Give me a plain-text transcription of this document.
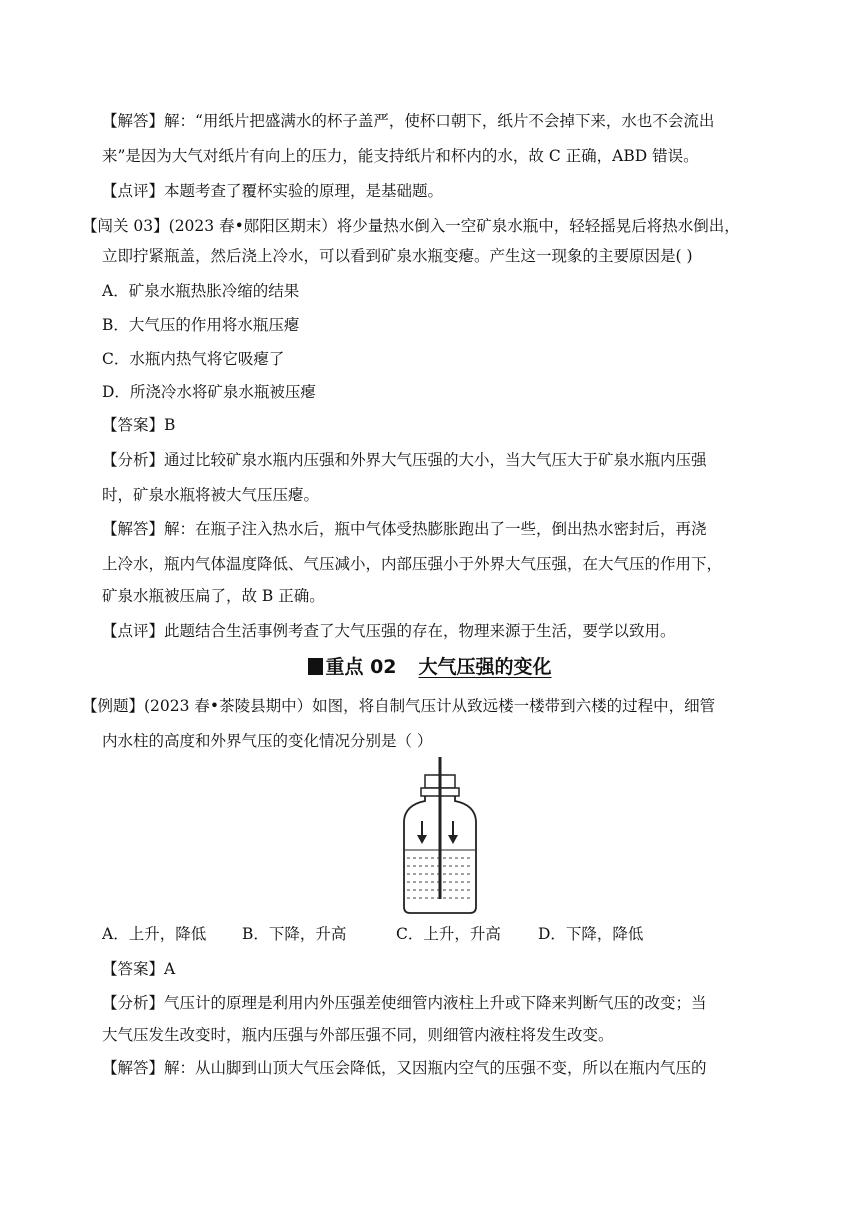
【解答】解：“用纸片把盛满水的杯子盖严，使杯口朝下，纸片不会掉下来，水也不会流出
来”是因为大气对纸片有向上的压力，能支持纸片和杯内的水，故 C 正确，ABD 错误。
【点评】本题考查了覆杯实验的原理，是基础题。
【闯关 03】(2023 春•郧阳区期末）将少量热水倒入一空矿泉水瓶中，轻轻摇晃后将热水倒出，
立即拧紧瓶盖，然后浇上冷水，可以看到矿泉水瓶变瘪。产生这一现象的主要原因是( )
A．矿泉水瓶热胀冷缩的结果
B．大气压的作用将水瓶压瘪
C．水瓶内热气将它吸瘪了
D．所浇冷水将矿泉水瓶被压瘪
【答案】B
【分析】通过比较矿泉水瓶内压强和外界大气压强的大小，当大气压大于矿泉水瓶内压强
时，矿泉水瓶将被大气压压瘪。
【解答】解：在瓶子注入热水后，瓶中气体受热膨胀跑出了一些，倒出热水密封后，再浇
上冷水，瓶内气体温度降低、气压减小，内部压强小于外界大气压强，在大气压的作用下，
矿泉水瓶被压扁了，故 B 正确。
【点评】此题结合生活事例考查了大气压强的存在，物理来源于生活，要学以致用。
重点 02 大气压强的变化
【例题】(2023 春•茶陵县期中）如图，将自制气压计从致远楼一楼带到六楼的过程中，细管
内水柱的高度和外界气压的变化情况分别是（ ）
A．上升，降低 B．下降，升高	C．上升，升高 D．下降，降低
【答案】A
【分析】气压计的原理是利用内外压强差使细管内液柱上升或下降来判断气压的改变；当
大气压发生改变时，瓶内压强与外部压强不同，则细管内液柱将发生改变。
【解答】解：从山脚到山顶大气压会降低，又因瓶内空气的压强不变，所以在瓶内气压的
